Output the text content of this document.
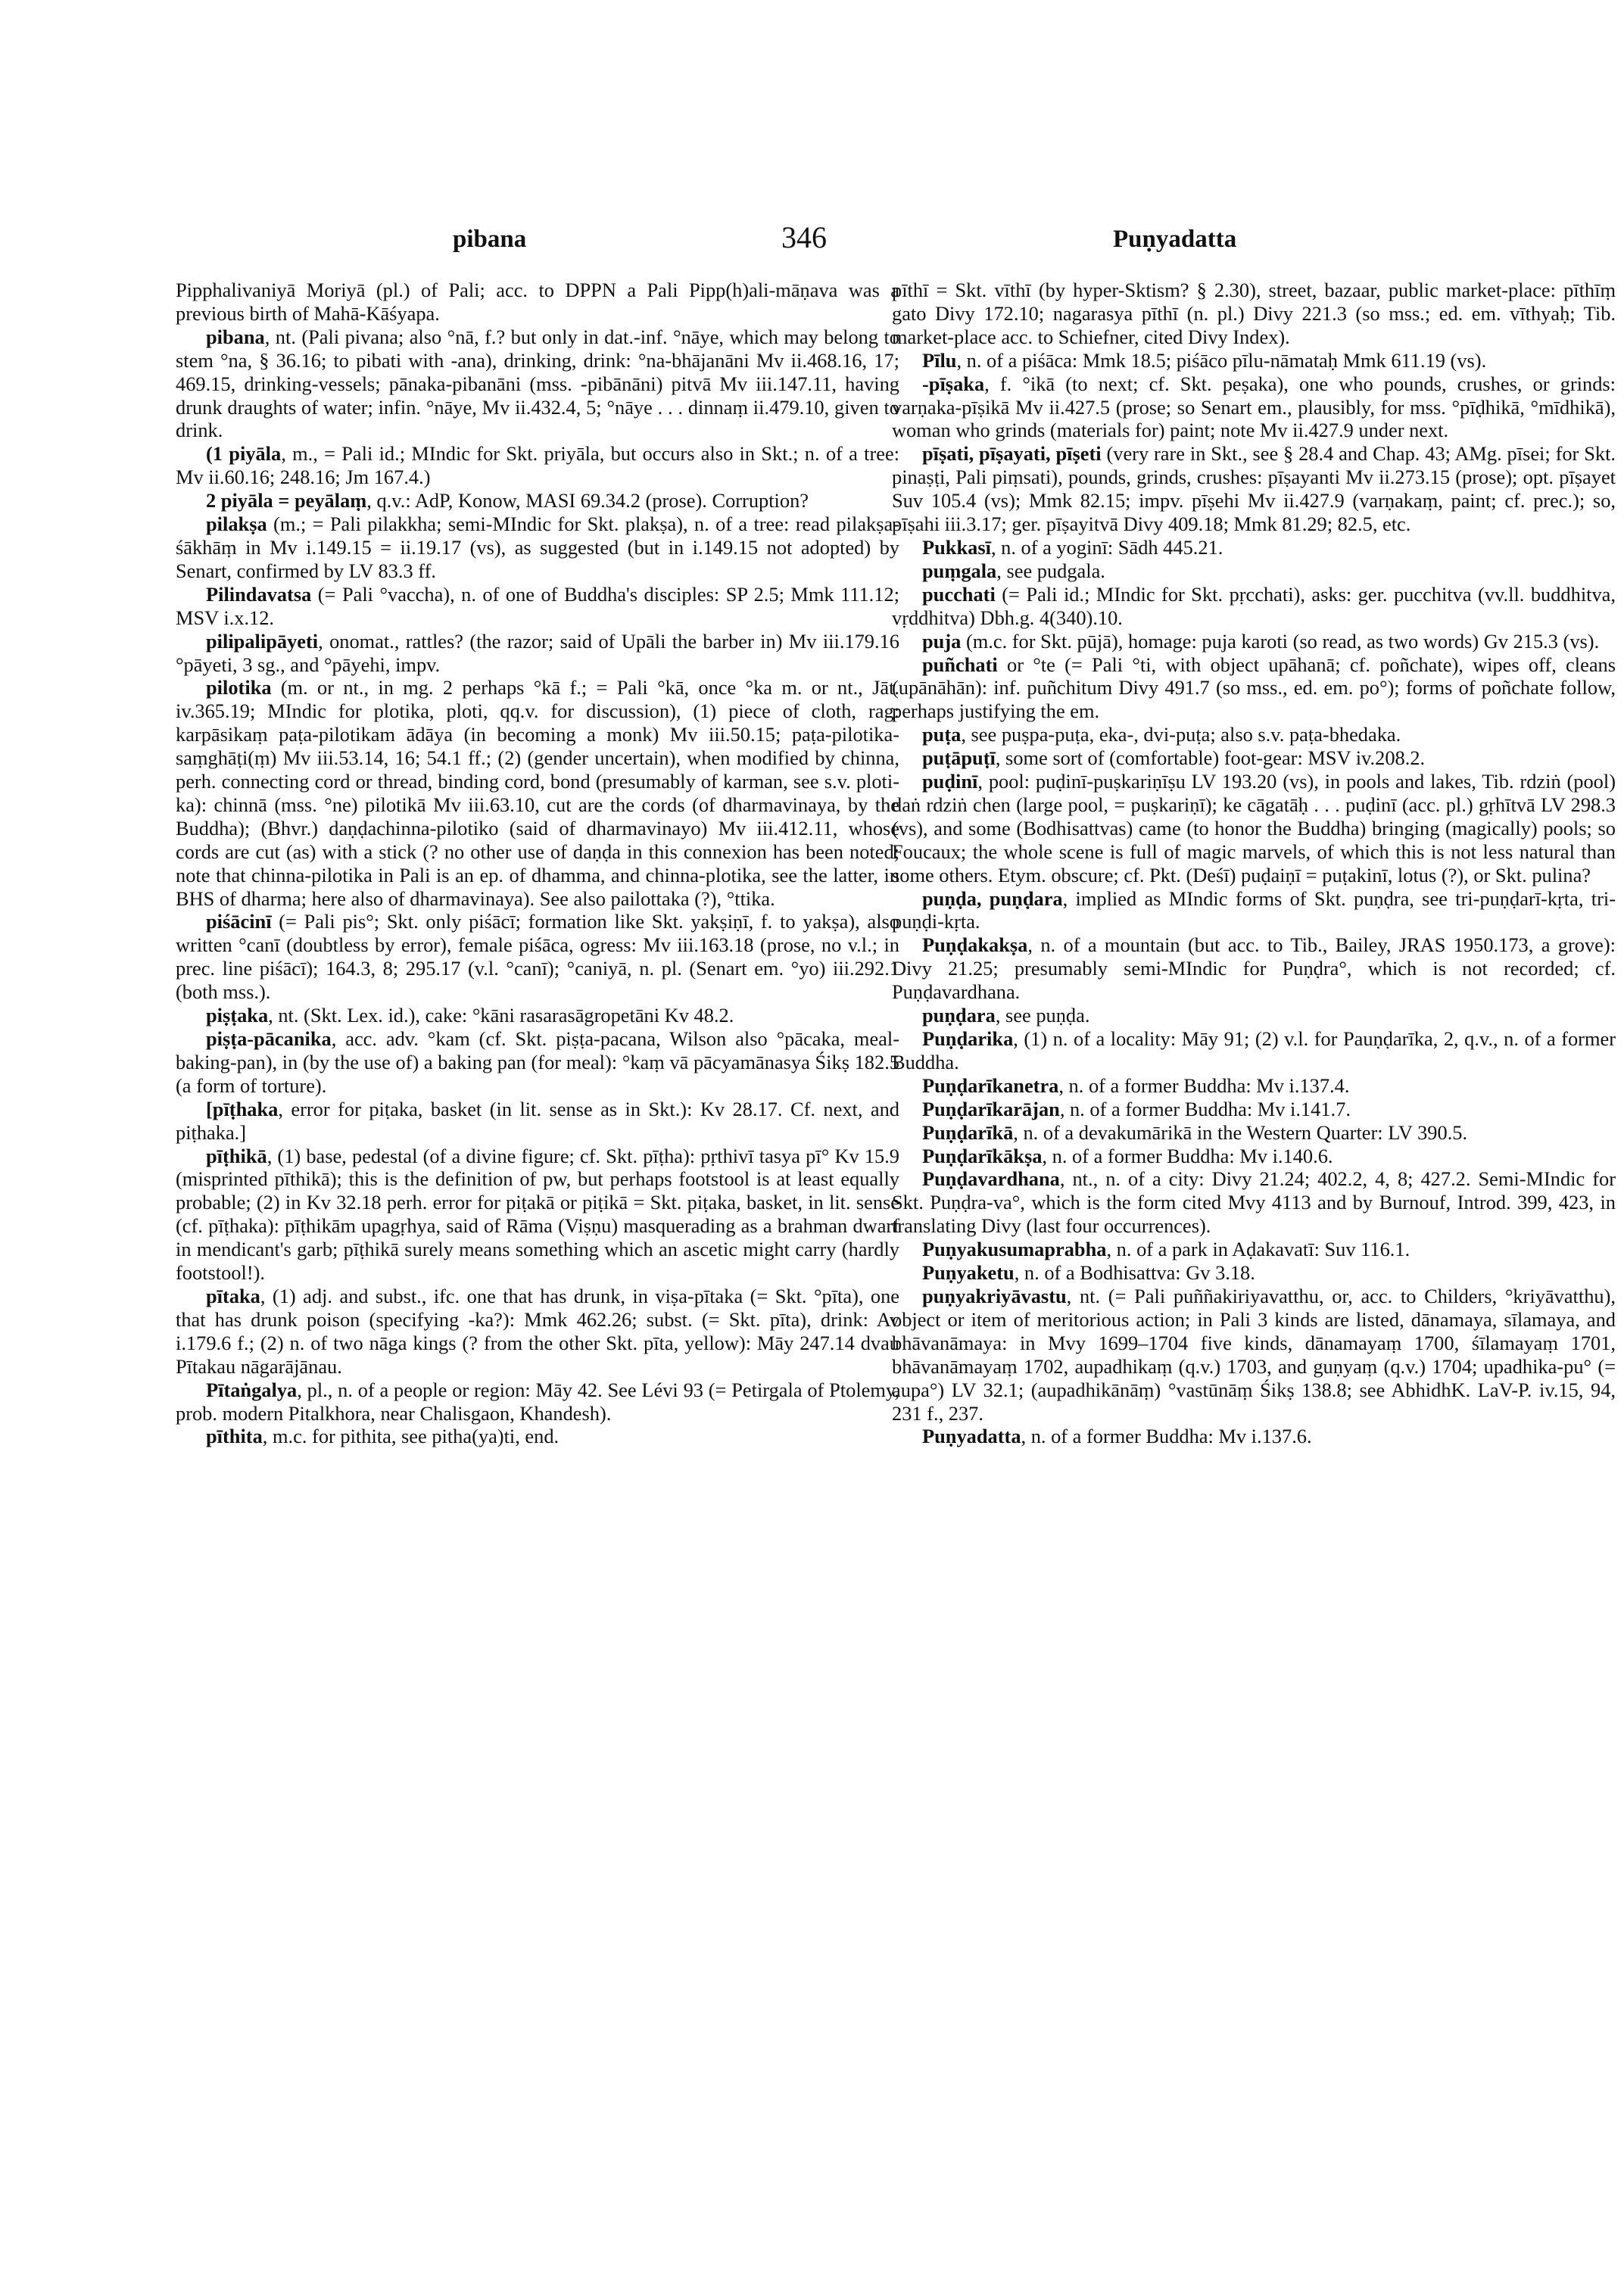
pibana	346	Puṇyadatta

Pipphalivaniyā Moriyā (pl.) of Pali; acc. to DPPN a Pali Pipp(h)ali-māṇava was a previous birth of Mahā-Kāśyapa.

pibana, nt. (Pali pivana; also °nā, f.? but only in dat.-inf. °nāye, which may belong to stem °na, § 36.16; to pibati with -ana), drinking, drink: °na-bhājanāni Mv ii.468.16, 17; 469.15, drinking-vessels; pānaka-pibanāni (mss. -pibānāni) pitvā Mv iii.147.11, having drunk draughts of water; infin. °nāye, Mv ii.432.4, 5; °nāye . . . dinnaṃ ii.479.10, given to drink.

(1 piyāla, m., = Pali id.; MIndic for Skt. priyāla, but occurs also in Skt.; n. of a tree: Mv ii.60.16; 248.16; Jm 167.4.)

2 piyāla = peyālaṃ, q.v.: AdP, Konow, MASI 69.34.2 (prose). Corruption?

pilakṣa (m.; = Pali pilakkha; semi-MIndic for Skt. plakṣa), n. of a tree: read pilakṣa-śākhāṃ in Mv i.149.15 = ii.19.17 (vs), as suggested (but in i.149.15 not adopted) by Senart, confirmed by LV 83.3 ff.

Pilindavatsa (= Pali °vaccha), n. of one of Buddha's disciples: SP 2.5; Mmk 111.12; MSV i.x.12.

pilipalipāyeti, onomat., rattles? (the razor; said of Upāli the barber in) Mv iii.179.16 °pāyeti, 3 sg., and °pāyehi, impv.

pilotika (m. or nt., in mg. 2 perhaps °kā f.; = Pali °kā, once °ka m. or nt., Jāt. iv.365.19; MIndic for plotika, ploti, qq.v. for discussion), (1) piece of cloth, rag: karpāsikaṃ paṭa-pilotikam ādāya (in becoming a monk) Mv iii.50.15; paṭa-pilotika-saṃghāṭi(ṃ) Mv iii.53.14, 16; 54.1 ff.; (2) (gender uncertain), when modified by chinna, perh. connecting cord or thread, binding cord, bond (presumably of karman, see s.v. ploti-ka): chinnā (mss. °ne) pilotikā Mv iii.63.10, cut are the cords (of dharmavinaya, by the Buddha); (Bhvr.) daṇḍachinna-pilotiko (said of dharmavinayo) Mv iii.412.11, whose cords are cut (as) with a stick (? no other use of daṇḍa in this connexion has been noted; note that chinna-pilotika in Pali is an ep. of dhamma, and chinna-plotika, see the latter, in BHS of dharma; here also of dharmavinaya). See also pailottaka (?), °ttika.

piśācinī (= Pali pis°; Skt. only piśācī; formation like Skt. yakṣiṇī, f. to yakṣa), also written °canī (doubtless by error), female piśāca, ogress: Mv iii.163.18 (prose, no v.l.; in prec. line piśācī); 164.3, 8; 295.17 (v.l. °canī); °caniyā, n. pl. (Senart em. °yo) iii.292.1 (both mss.).

piṣṭaka, nt. (Skt. Lex. id.), cake: °kāni rasarasāgropetāni Kv 48.2.

piṣṭa-pācanika, acc. adv. °kam (cf. Skt. piṣṭa-pacana, Wilson also °pācaka, meal-baking-pan), in (by the use of) a baking pan (for meal): °kaṃ vā pācyamānasya Śikṣ 182.5 (a form of torture).

[pīṭhaka, error for piṭaka, basket (in lit. sense as in Skt.): Kv 28.17. Cf. next, and piṭhaka.]

pīṭhikā, (1) base, pedestal (of a divine figure; cf. Skt. pīṭha): pṛthivī tasya pī° Kv 15.9 (misprinted pīthikā); this is the definition of pw, but perhaps footstool is at least equally probable; (2) in Kv 32.18 perh. error for piṭakā or piṭikā = Skt. piṭaka, basket, in lit. sense (cf. pīṭhaka): pīṭhikām upagṛhya, said of Rāma (Viṣṇu) masquerading as a brahman dwarf in mendicant's garb; pīṭhikā surely means something which an ascetic might carry (hardly footstool!).

pītaka, (1) adj. and subst., ifc. one that has drunk, in viṣa-pītaka (= Skt. °pīta), one that has drunk poison (specifying -ka?): Mmk 462.26; subst. (= Skt. pīta), drink: Av i.179.6 f.; (2) n. of two nāga kings (? from the other Skt. pīta, yellow): Māy 247.14 dvau Pītakau nāgarājānau.

Pītaṅgalya, pl., n. of a people or region: Māy 42. See Lévi 93 (= Petirgala of Ptolemy, prob. modern Pitalkhora, near Chalisgaon, Khandesh).

pīthita, m.c. for pithita, see pitha(ya)ti, end.

pīthī = Skt. vīthī (by hyper-Sktism? § 2.30), street, bazaar, public market-place: pīthīṃ gato Divy 172.10; nagarasya pīthī (n. pl.) Divy 221.3 (so mss.; ed. em. vīthyaḥ; Tib. market-place acc. to Schiefner, cited Divy Index).

Pīlu, n. of a piśāca: Mmk 18.5; piśāco pīlu-nāmataḥ Mmk 611.19 (vs).

-pīṣaka, f. °ikā (to next; cf. Skt. peṣaka), one who pounds, crushes, or grinds: varṇaka-pīṣikā Mv ii.427.5 (prose; so Senart em., plausibly, for mss. °pīḍhikā, °mīdhikā), woman who grinds (materials for) paint; note Mv ii.427.9 under next.

pīṣati, pīṣayati, pīṣeti (very rare in Skt., see § 28.4 and Chap. 43; AMg. pīsei; for Skt. pinaṣṭi, Pali piṃsati), pounds, grinds, crushes: pīṣayanti Mv ii.273.15 (prose); opt. pīṣayet Suv 105.4 (vs); Mmk 82.15; impv. pīṣehi Mv ii.427.9 (varṇakaṃ, paint; cf. prec.); so, pīṣahi iii.3.17; ger. pīṣayitvā Divy 409.18; Mmk 81.29; 82.5, etc.

Pukkasī, n. of a yoginī: Sādh 445.21.

puṃgala, see pudgala.

pucchati (= Pali id.; MIndic for Skt. pṛcchati), asks: ger. pucchitva (vv.ll. buddhitva, vṛddhitva) Dbh.g. 4(340).10.

puja (m.c. for Skt. pūjā), homage: puja karoti (so read, as two words) Gv 215.3 (vs).

puñchati or °te (= Pali °ti, with object upāhanā; cf. poñchate), wipes off, cleans (upānāhān): inf. puñchitum Divy 491.7 (so mss., ed. em. po°); forms of poñchate follow, perhaps justifying the em.

puṭa, see puṣpa-puṭa, eka-, dvi-puṭa; also s.v. paṭa-bhedaka.

puṭāpuṭī, some sort of (comfortable) foot-gear: MSV iv.208.2.

puḍinī, pool: puḍinī-puṣkariṇīṣu LV 193.20 (vs), in pools and lakes, Tib. rdziṅ (pool) daṅ rdziṅ chen (large pool, = puṣkariṇī); ke cāgatāḥ . . . puḍinī (acc. pl.) gṛhītvā LV 298.3 (vs), and some (Bodhisattvas) came (to honor the Buddha) bringing (magically) pools; so Foucaux; the whole scene is full of magic marvels, of which this is not less natural than some others. Etym. obscure; cf. Pkt. (Deśī) puḍaiṇī = puṭakinī, lotus (?), or Skt. pulina?

puṇḍa, puṇḍara, implied as MIndic forms of Skt. puṇḍra, see tri-puṇḍarī-kṛta, tri-puṇḍi-kṛta.

Puṇḍakakṣa, n. of a mountain (but acc. to Tib., Bailey, JRAS 1950.173, a grove): Divy 21.25; presumably semi-MIndic for Puṇḍra°, which is not recorded; cf. Puṇḍavardhana.

puṇḍara, see puṇḍa.

Puṇḍarika, (1) n. of a locality: Māy 91; (2) v.l. for Pauṇḍarīka, 2, q.v., n. of a former Buddha.

Puṇḍarīkanetra, n. of a former Buddha: Mv i.137.4.

Puṇḍarīkarājan, n. of a former Buddha: Mv i.141.7.

Puṇḍarīkā, n. of a devakumārikā in the Western Quarter: LV 390.5.

Puṇḍarīkākṣa, n. of a former Buddha: Mv i.140.6.

Puṇḍavardhana, nt., n. of a city: Divy 21.24; 402.2, 4, 8; 427.2. Semi-MIndic for Skt. Puṇḍra-va°, which is the form cited Mvy 4113 and by Burnouf, Introd. 399, 423, in translating Divy (last four occurrences).

Puṇyakusumaprabha, n. of a park in Aḍakavatī: Suv 116.1.

Puṇyaketu, n. of a Bodhisattva: Gv 3.18.

puṇyakriyāvastu, nt. (= Pali puññakiriyavatthu, or, acc. to Childers, °kriyāvatthu), object or item of meritorious action; in Pali 3 kinds are listed, dānamaya, sīlamaya, and bhāvanāmaya: in Mvy 1699–1704 five kinds, dānamayaṃ 1700, śīlamayaṃ 1701, bhāvanāmayaṃ 1702, aupadhikaṃ (q.v.) 1703, and guṇyaṃ (q.v.) 1704; upadhika-pu° (= aupa°) LV 32.1; (aupadhikānāṃ) °vastūnāṃ Śikṣ 138.8; see AbhidhK. LaV-P. iv.15, 94, 231 f., 237.

Puṇyadatta, n. of a former Buddha: Mv i.137.6.
